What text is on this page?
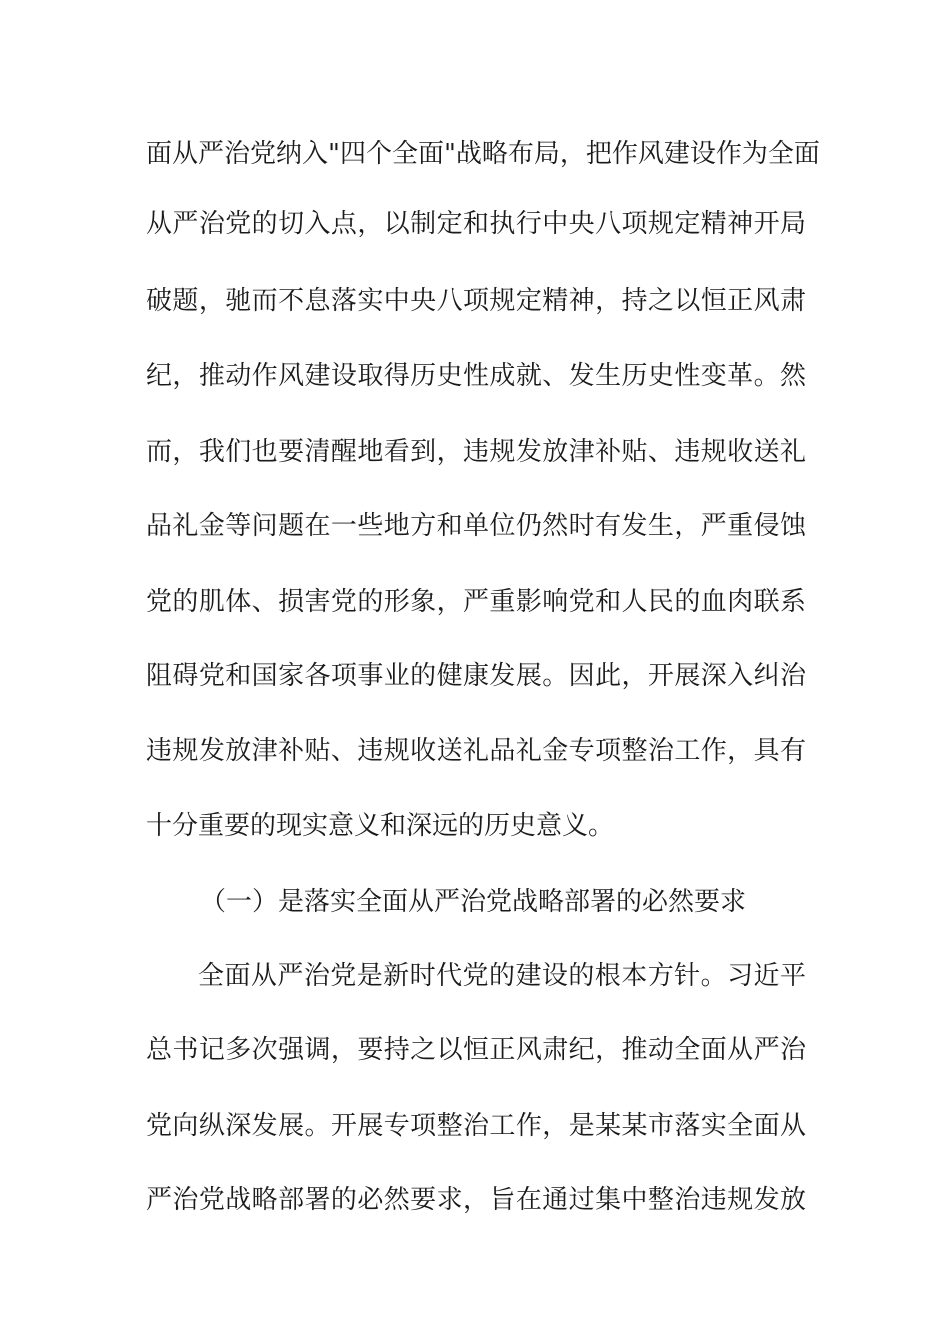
面从严治党纳入"四个全面"战略布局，把作风建设作为全面
从严治党的切入点，以制定和执行中央八项规定精神开局
破题，驰而不息落实中央八项规定精神，持之以恒正风肃
纪，推动作风建设取得历史性成就、发生历史性变革。然
而，我们也要清醒地看到，违规发放津补贴、违规收送礼
品礼金等问题在一些地方和单位仍然时有发生，严重侵蚀
党的肌体、损害党的形象，严重影响党和人民的血肉联系
阻碍党和国家各项事业的健康发展。因此，开展深入纠治
违规发放津补贴、违规收送礼品礼金专项整治工作，具有
十分重要的现实意义和深远的历史意义。
（一）是落实全面从严治党战略部署的必然要求
全面从严治党是新时代党的建设的根本方针。习近平
总书记多次强调，要持之以恒正风肃纪，推动全面从严治
党向纵深发展。开展专项整治工作，是某某市落实全面从
严治党战略部署的必然要求，旨在通过集中整治违规发放
